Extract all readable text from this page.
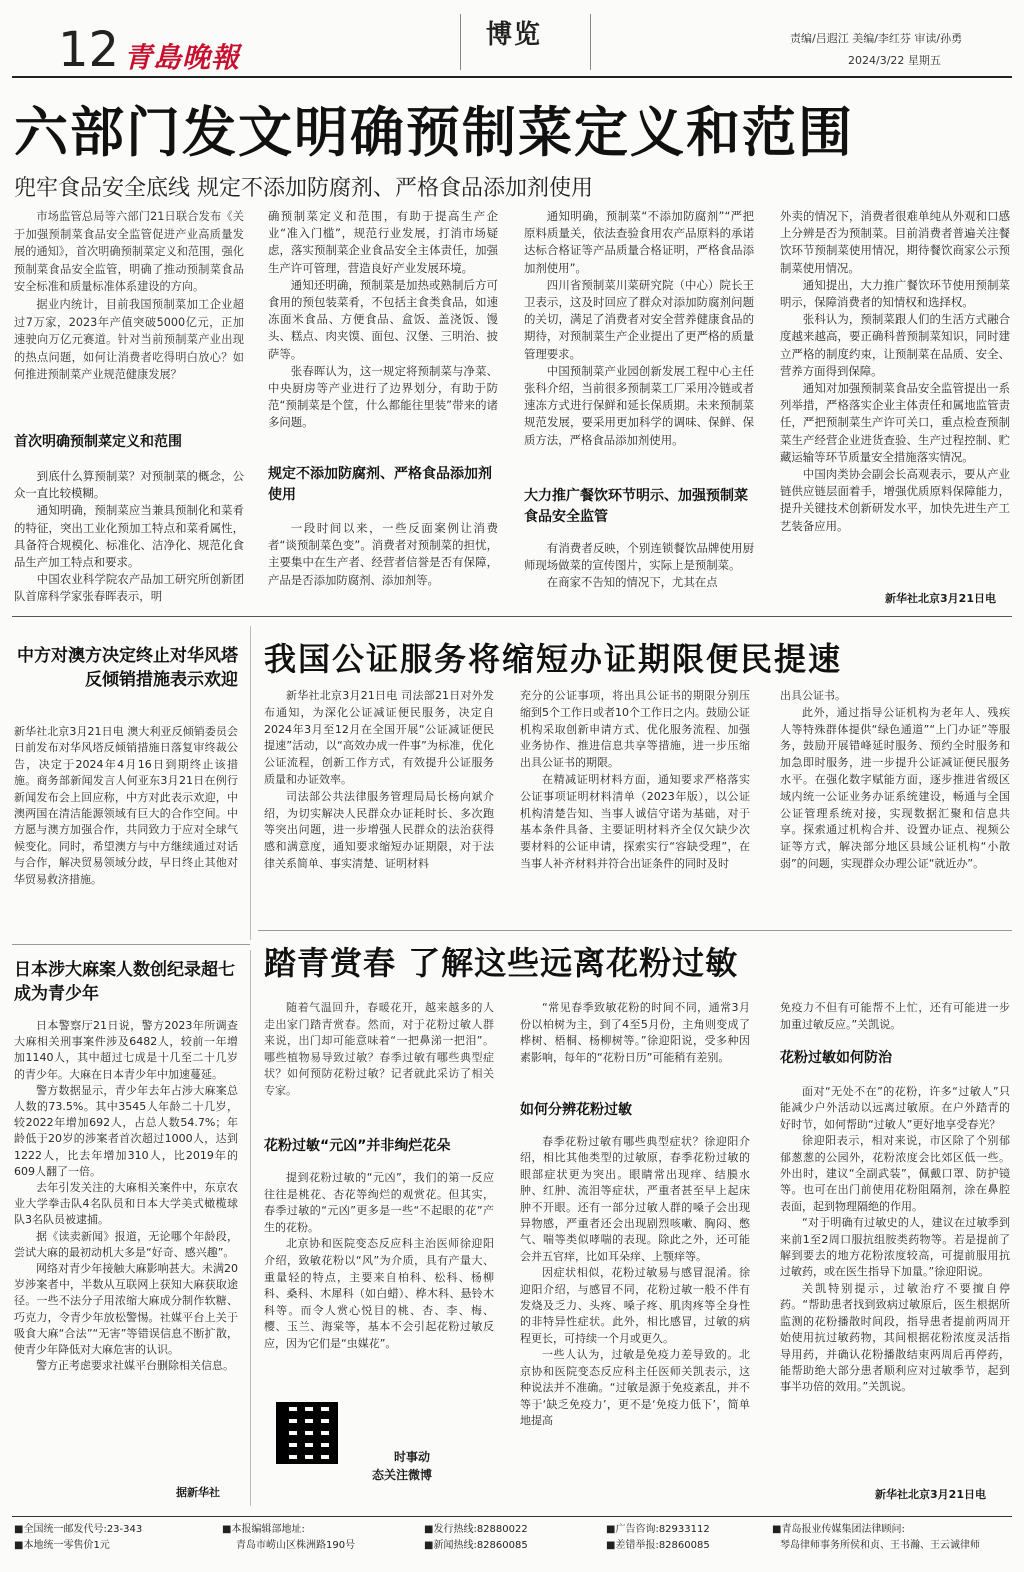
12 青島晚報
博览	责编/吕遐江 美编/李红芬 审读/孙勇
2024/3/22 星期五
六部门发文明确预制菜定义和范围
兜牢食品安全底线 规定不添加防腐剂、严格食品添加剂使用

市场监管总局等六部门21日联合发布《关于加强预制菜食品安全监管促进产业高质量发展的通知》，首次明确预制菜定义和范围，强化预制菜食品安全监管，明确了推动预制菜食品安全标准和质量标准体系建设的方向。

据业内统计，目前我国预制菜加工企业超过7万家，2023年产值突破5000亿元，正加速驶向万亿元赛道。针对当前预制菜产业出现的热点问题，如何让消费者吃得明白放心？如何推进预制菜产业规范健康发展？

首次明确预制菜定义和范围

到底什么算预制菜？对预制菜的概念，公众一直比较模糊。

通知明确，预制菜应当兼具预制化和菜肴的特征，突出工业化预加工特点和菜肴属性，具备符合规模化、标准化、洁净化、规范化食品生产加工特点和要求。

中国农业科学院农产品加工研究所创新团队首席科学家张春晖表示，明

确预制菜定义和范围，有助于提高生产企业“准入门槛”，规范行业发展，打消市场疑虑，落实预制菜企业食品安全主体责任，加强生产许可管理，营造良好产业发展环境。

通知还明确，预制菜是加热或熟制后方可食用的预包装菜肴，不包括主食类食品，如速冻面米食品、方便食品、盒饭、盖浇饭、馒头、糕点、肉夹馍、面包、汉堡、三明治、披萨等。

张春晖认为，这一规定将预制菜与净菜、中央厨房等产业进行了边界划分，有助于防范“预制菜是个筐，什么都能往里装”带来的诸多问题。

规定不添加防腐剂、严格食品添加剂使用

一段时间以来，一些反面案例让消费者“谈预制菜色变”。消费者对预制菜的担忧，主要集中在生产者、经营者信誉是否有保障，产品是否添加防腐剂、添加剂等。

通知明确，预制菜“不添加防腐剂”“严把原料质量关，依法查验食用农产品原料的承诺达标合格证等产品质量合格证明，严格食品添加剂使用”。

四川省预制菜川菜研究院（中心）院长王卫表示，这及时回应了群众对添加防腐剂问题的关切，满足了消费者对安全营养健康食品的期待，对预制菜生产企业提出了更严格的质量管理要求。

中国预制菜产业园创新发展工程中心主任张科介绍，当前很多预制菜工厂采用冷链或者速冻方式进行保鲜和延长保质期。未来预制菜规范发展，要采用更加科学的调味、保鲜、保质方法，严格食品添加剂使用。

大力推广餐饮环节明示、加强预制菜食品安全监管

有消费者反映，个别连锁餐饮品牌使用厨师现场做菜的宣传图片，实际上是预制菜。

在商家不告知的情况下，尤其在点

外卖的情况下，消费者很难单纯从外观和口感上分辨是否为预制菜。目前消费者普遍关注餐饮环节预制菜使用情况，期待餐饮商家公示预制菜使用情况。

通知提出，大力推广餐饮环节使用预制菜明示，保障消费者的知情权和选择权。

张科认为，预制菜跟人们的生活方式融合度越来越高，要正确科普预制菜知识，同时建立严格的制度约束，让预制菜在品质、安全、营养方面得到保障。

通知对加强预制菜食品安全监管提出一系列举措，严格落实企业主体责任和属地监管责任，严把预制菜生产许可关口，重点检查预制菜生产经营企业进货查验、生产过程控制、贮藏运输等环节质量安全措施落实情况。

中国肉类协会副会长高观表示，要从产业链供应链层面着手，增强优质原料保障能力，提升关键技术创新研发水平，加快先进生产工艺装备应用。

新华社北京3月21日电
中方对澳方决定终止对华风塔反倾销措施表示欢迎

新华社北京3月21日电 澳大利亚反倾销委员会日前发布对华风塔反倾销措施日落复审终裁公告，决定于2024年4月16日到期终止该措施。商务部新闻发言人何亚东3月21日在例行新闻发布会上回应称，中方对此表示欢迎，中澳两国在清洁能源领域有巨大的合作空间。中方愿与澳方加强合作，共同致力于应对全球气候变化。同时，希望澳方与中方继续通过对话与合作，解决贸易领域分歧，早日终止其他对华贸易救济措施。

我国公证服务将缩短办证期限便民提速

新华社北京3月21日电 司法部21日对外发布通知，为深化公证减证便民服务，决定自2024年3月至12月在全国开展“公证减证便民提速”活动，以“高效办成一件事”为标准，优化公证流程，创新工作方式，有效提升公证服务质量和办证效率。

司法部公共法律服务管理局局长杨向斌介绍，为切实解决人民群众办证耗时长、多次跑等突出问题，进一步增强人民群众的法治获得感和满意度，通知要求缩短办证期限，对于法律关系简单、事实清楚、证明材料

充分的公证事项，将出具公证书的期限分别压缩到5个工作日或者10个工作日之内。鼓励公证机构采取创新申请方式、优化服务流程、加强业务协作、推进信息共享等措施，进一步压缩出具公证书的期限。

在精减证明材料方面，通知要求严格落实公证事项证明材料清单（2023年版），以公证机构清楚告知、当事人诚信守诺为基础，对于基本条件具备、主要证明材料齐全仅欠缺少次要材料的公证申请，探索实行“容缺受理”，在当事人补齐材料并符合出证条件的同时及时

出具公证书。

此外，通过指导公证机构为老年人、残疾人等特殊群体提供“绿色通道”“上门办证”等服务，鼓励开展错峰延时服务、预约全时服务和加急即时服务，进一步提升公证减证便民服务水平。在强化数字赋能方面，逐步推进省级区域内统一公证业务办证系统建设，畅通与全国公证管理系统对接，实现数据汇聚和信息共享。探索通过机构合并、设置办证点、视频公证等方式，解决部分地区县域公证机构“小散弱”的问题，实现群众办理公证“就近办”。

日本涉大麻案人数创纪录超七成为青少年

日本警察厅21日说，警方2023年所调查大麻相关刑事案件涉及6482人，较前一年增加1140人，其中超过七成是十几至二十几岁的青少年。大麻在日本青少年中加速蔓延。

警方数据显示，青少年去年占涉大麻案总人数的73.5%。其中3545人年龄二十几岁，较2022年增加692人，占总人数54.7%；年龄低于20岁的涉案者首次超过1000人，达到1222人，比去年增加310人，比2019年的609人翻了一倍。

去年引发关注的大麻相关案件中，东京农业大学拳击队4名队员和日本大学美式橄榄球队3名队员被逮捕。

据《读卖新闻》报道，无论哪个年龄段，尝试大麻的最初动机大多是“好奇、感兴趣”。

网络对青少年接触大麻影响甚大。未满20岁涉案者中，半数从互联网上获知大麻获取途径。一些不法分子用浓缩大麻成分制作软糖、巧克力，令青少年放松警惕。社媒平台上关于吸食大麻“合法”“无害”等错误信息不断扩散，使青少年降低对大麻危害的认识。

警方正考虑要求社媒平台删除相关信息。

据新华社
踏青赏春 了解这些远离花粉过敏

随着气温回升，春暖花开，越来越多的人走出家门踏青赏春。然而，对于花粉过敏人群来说，出门却可能意味着“一把鼻涕一把泪”。哪些植物易导致过敏？春季过敏有哪些典型症状？如何预防花粉过敏？记者就此采访了相关专家。

花粉过敏“元凶”并非绚烂花朵

提到花粉过敏的“元凶”，我们的第一反应往往是桃花、杏花等绚烂的观赏花。但其实，春季过敏的“元凶”更多是一些“不起眼的花”产生的花粉。

北京协和医院变态反应科主治医师徐迎阳介绍，致敏花粉以“风”为介质，具有产量大、重量轻的特点，主要来自柏科、松科、杨柳科、桑科、木犀科（如白蜡）、桦木科、悬铃木科等。而令人赏心悦目的桃、杏、李、梅、樱、玉兰、海棠等，基本不会引起花粉过敏反应，因为它们是“虫媒花”。

时事动
态关注微博

“常见春季致敏花粉的时间不同，通常3月份以柏树为主，到了4至5月份，主角则变成了桦树、梧桐、杨柳树等。”徐迎阳说，受多种因素影响，每年的“花粉日历”可能稍有差别。

如何分辨花粉过敏

春季花粉过敏有哪些典型症状？徐迎阳介绍，相比其他类型的过敏原，春季花粉过敏的眼部症状更为突出。眼睛常出现痒、结膜水肿、红肿、流泪等症状，严重者甚至早上起床肿不开眼。还有一部分过敏人群的嗓子会出现异物感，严重者还会出现剧烈咳嗽、胸闷、憋气、喘等类似哮喘的表现。除此之外，还可能会并五官痒，比如耳朵痒、上颚痒等。

因症状相似，花粉过敏易与感冒混淆。徐迎阳介绍，与感冒不同，花粉过敏一般不伴有发烧及乏力、头疼、嗓子疼、肌肉疼等全身性的非特异性症状。此外，相比感冒，过敏的病程更长，可持续一个月或更久。

一些人认为，过敏是免疫力差导致的。北京协和医院变态反应科主任医师关凯表示，这种说法并不准确。“过敏是源于免疫紊乱，并不等于‘缺乏免疫力’，更不是‘免疫力低下’，简单地提高

免疫力不但有可能帮不上忙，还有可能进一步加重过敏反应。”关凯说。

花粉过敏如何防治

面对“无处不在”的花粉，许多“过敏人”只能减少户外活动以远离过敏原。在户外踏青的好时节，如何帮助“过敏人”更好地享受春光？

徐迎阳表示，相对来说，市区除了个别郁郁葱葱的公园外，花粉浓度会比郊区低一些。外出时，建议“全副武装”，佩戴口罩、防护镜等。也可在出门前使用花粉阻隔剂，涂在鼻腔表面，起到物理隔绝的作用。

“对于明确有过敏史的人，建议在过敏季到来前1至2周口服抗组胺类药物等。若是提前了解到要去的地方花粉浓度较高，可提前服用抗过敏药，或在医生指导下加量。”徐迎阳说。

关凯特别提示，过敏治疗不要擅自停药。“帮助患者找到致病过敏原后，医生根据所监测的花粉播散时间段，指导患者提前两周开始使用抗过敏药物，其间根据花粉浓度灵活指导用药，并确认花粉播散结束两周后再停药，能帮助绝大部分患者顺利应对过敏季节，起到事半功倍的效用。”关凯说。

新华社北京3月21日电
■全国统一邮发代号:23-343
■本地统一零售价1元
■本报编辑部地址:
青岛市崂山区株洲路190号
■发行热线:82880022
■新闻热线:82860085
■广告咨询:82933112
■差错举报:82860085
■青岛报业传媒集团法律顾问:
琴岛律师事务所侯和贞、王书瀚、王云诚律师
